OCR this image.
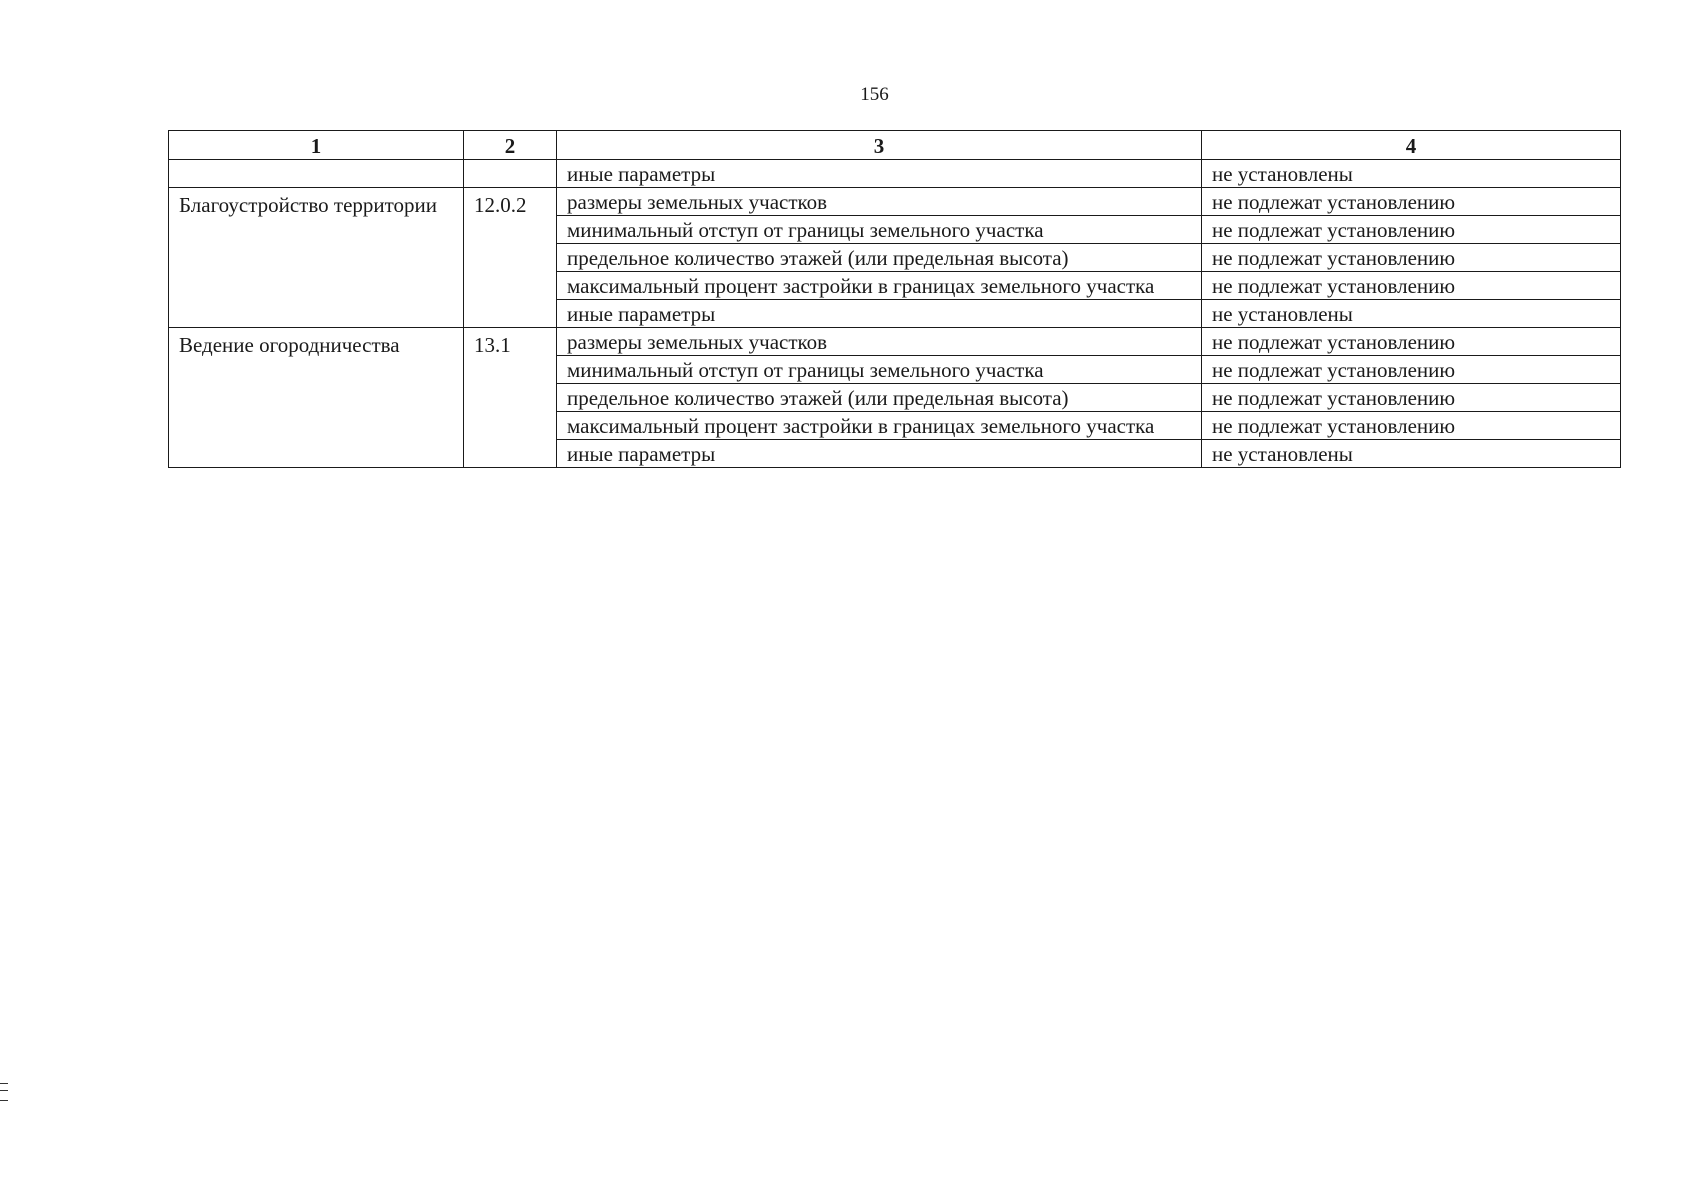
156
1	2	3	4
		иные параметры	не установлены
Благоустройство территории	12.0.2	размеры земельных участков	не подлежат установлению
		минимальный отступ от границы земельного участка	не подлежат установлению
		предельное количество этажей (или предельная высота)	не подлежат установлению
		максимальный процент застройки в границах земельного участка	не подлежат установлению
		иные параметры	не установлены
Ведение огородничества	13.1	размеры земельных участков	не подлежат установлению
		минимальный отступ от границы земельного участка	не подлежат установлению
		предельное количество этажей (или предельная высота)	не подлежат установлению
		максимальный процент застройки в границах земельного участка	не подлежат установлению
		иные параметры	не установлены
